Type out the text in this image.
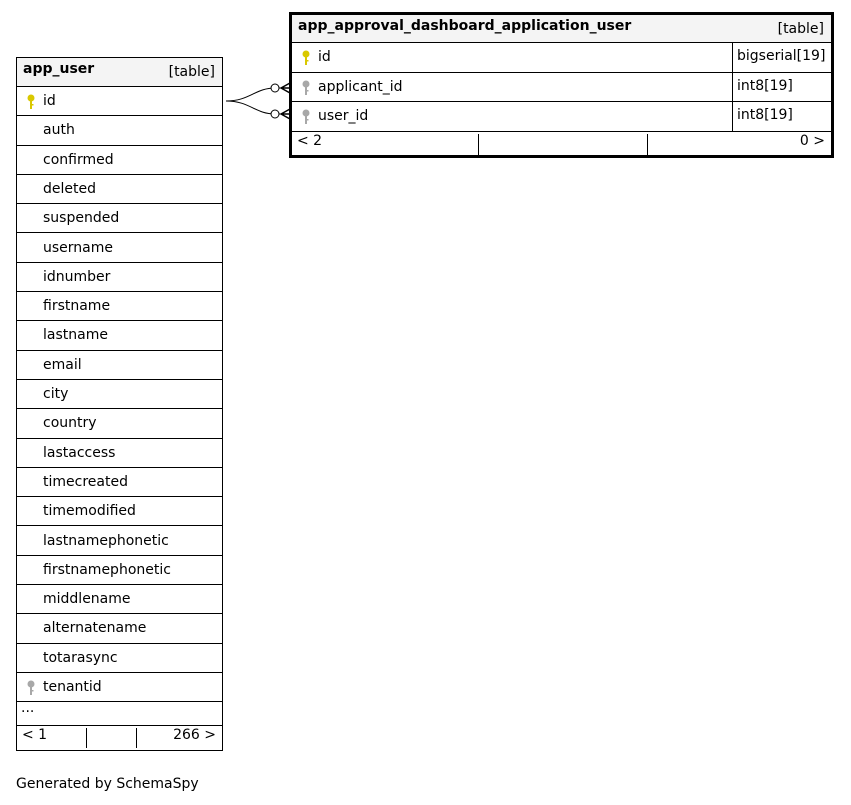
app_user	[table]
id
auth
confirmed
deleted
suspended
username
idnumber
firstname
lastname
email
city
country
lastaccess
timecreated
timemodified
lastnamephonetic
firstnamephonetic
middlename
alternatename
totarasync
tenantid
...
< 1	266 >
app_approval_dashboard_application_user	[table]
id	bigserial[19]
applicant_id	int8[19]
user_id	int8[19]
< 2	0 >
Generated by SchemaSpy
